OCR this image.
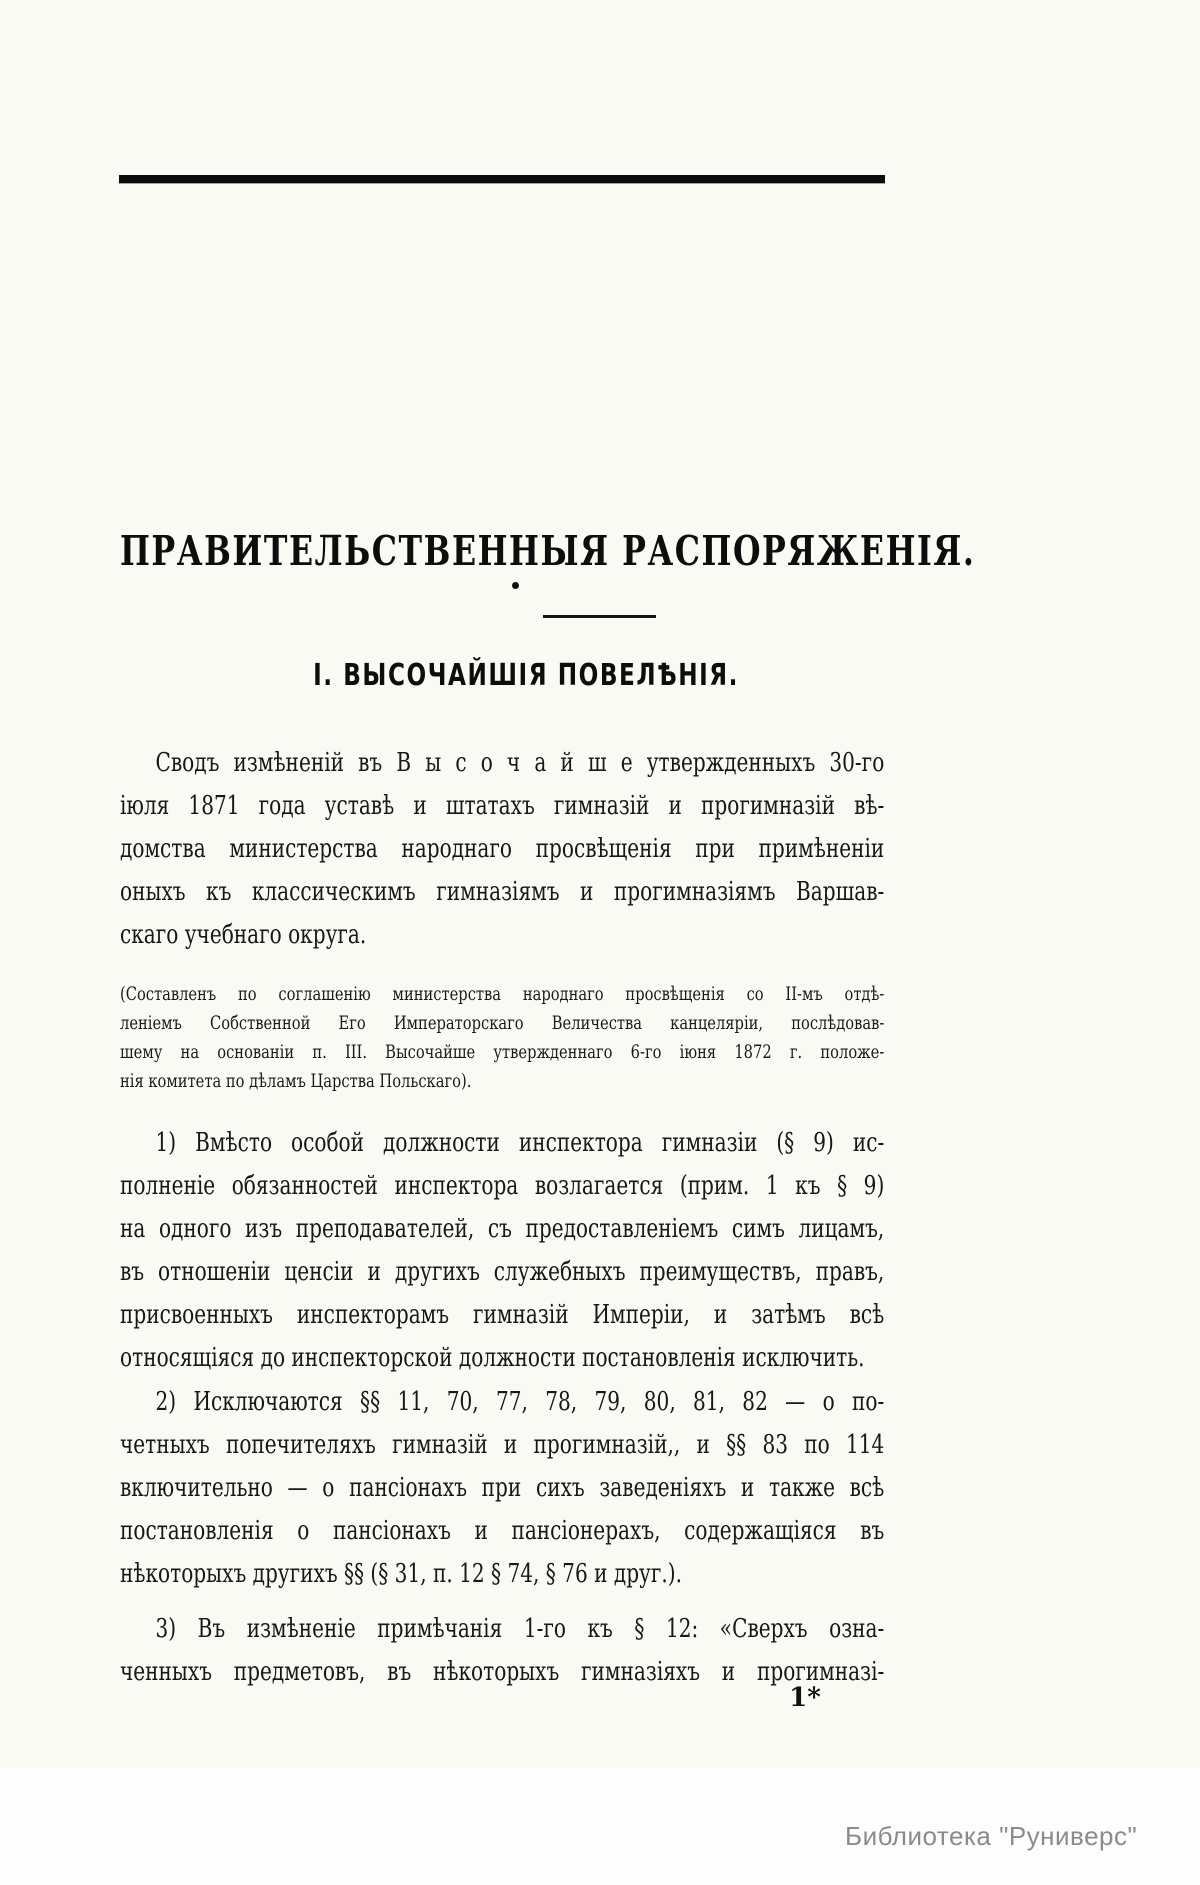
ПРАВИТЕЛЬСТВЕННЫЯ РАСПОРЯЖЕНІЯ.
І. ВЫСОЧАЙШІЯ ПОВЕЛѢНІЯ.
Сводъ измѣненій въ В ы с о ч а й ш е утвержденныхъ 30-го
іюля 1871 года уставѣ и штатахъ гимназій и прогимназій вѣ-
домства министерства народнаго просвѣщенія при примѣненіи
оныхъ къ классическимъ гимназіямъ и прогимназіямъ Варшав-
скаго учебнаго округа.
(Составленъ по соглашенію министерства народнаго просвѣщенія со ІІ-мъ отдѣ-
леніемъ Собственной Его Императорскаго Величества канцеляріи, послѣдовав-
шему на основаніи п. ІІІ. Высочайше утвержденнаго 6-го іюня 1872 г. положе-
нія комитета по дѣламъ Царства Польскаго).
1) Вмѣсто особой должности инспектора гимназіи (§ 9) ис-
полненіе обязанностей инспектора возлагается (прим. 1 къ § 9)
на одного изъ преподавателей, съ предоставленіемъ симъ лицамъ,
въ отношеніи ценсіи и другихъ служебныхъ преимуществъ, правъ,
присвоенныхъ инспекторамъ гимназій Имперіи, и затѣмъ всѣ
относящіяся до инспекторской должности постановленія исключить.
2) Исключаются §§ 11, 70, 77, 78, 79, 80, 81, 82 — о по-
четныхъ попечителяхъ гимназій и прогимназій,, и §§ 83 по 114
включительно — о пансіонахъ при сихъ заведеніяхъ и также всѣ
постановленія о пансіонахъ и пансіонерахъ, содержащіяся въ
нѣкоторыхъ другихъ §§ (§ 31, п. 12 § 74, § 76 и друг.).
3) Въ измѣненіе примѣчанія 1-го къ § 12: «Сверхъ озна-
ченныхъ предметовъ, въ нѣкоторыхъ гимназіяхъ и прогимназі-
1*
Библиотека "Руниверс"
